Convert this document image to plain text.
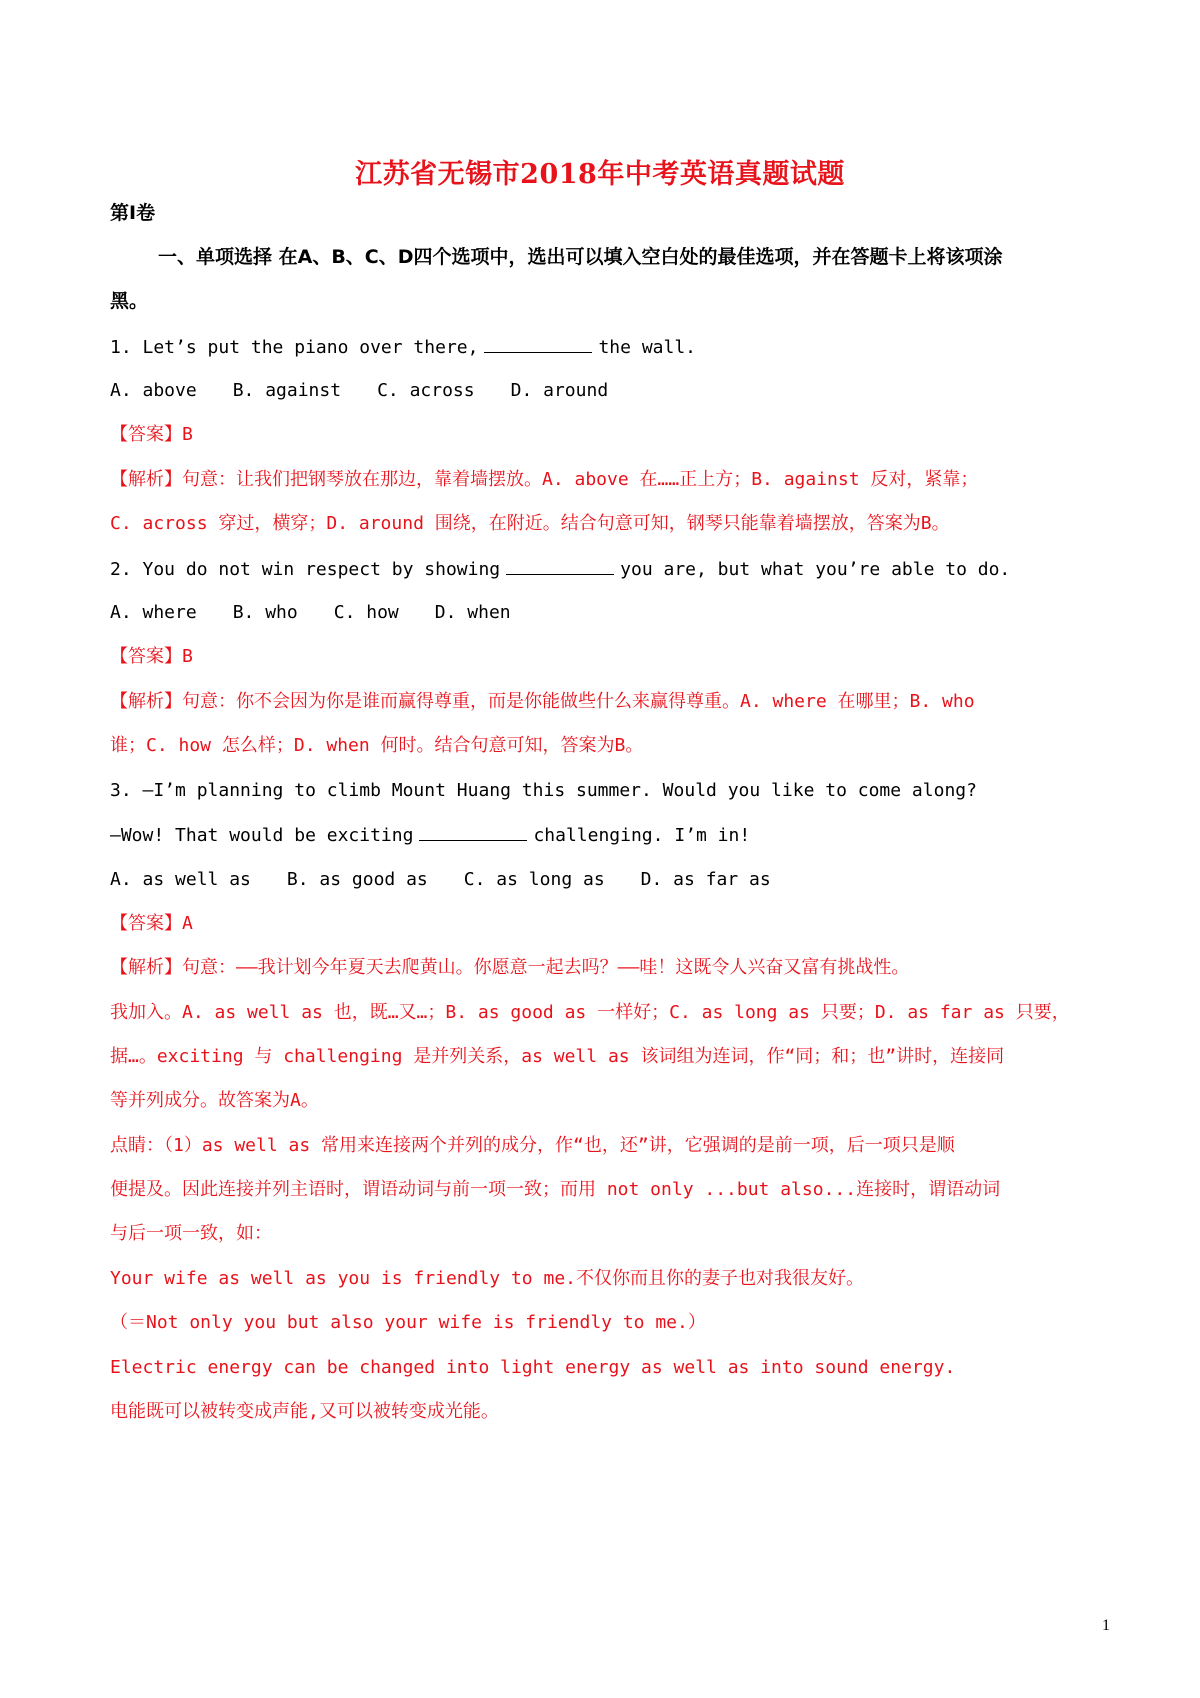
江苏省无锡市2018年中考英语真题试题
第Ⅰ卷
一、单项选择 在A、B、C、D四个选项中，选出可以填入空白处的最佳选项，并在答题卡上将该项涂
黑。
1. Let’s put the piano over there,	the wall.
A. above B. against C. across D. around
【答案】B
【解析】句意：让我们把钢琴放在那边，靠着墙摆放。A. above 在……正上方；B. against 反对，紧靠；
C. across 穿过，横穿；D. around 围绕，在附近。结合句意可知，钢琴只能靠着墙摆放，答案为B。
2. You do not win respect by showing	you are, but what you’re able to do.
A. where B. who C. how D. when
【答案】B
【解析】句意：你不会因为你是谁而赢得尊重，而是你能做些什么来赢得尊重。A. where 在哪里；B. who
谁；C. how 怎么样；D. when 何时。结合句意可知，答案为B。
3. —I’m planning to climb Mount Huang this summer. Would you like to come along?
—Wow! That would be exciting	challenging. I’m in!
A. as well as B. as good as C. as long as D. as far as
【答案】A
【解析】句意：——我计划今年夏天去爬黄山。你愿意一起去吗？——哇！这既令人兴奋又富有挑战性。
我加入。A. as well as 也，既…又…；B. as good as 一样好；C. as long as 只要；D. as far as 只要，
据…。exciting 与 challenging 是并列关系，as well as 该词组为连词，作“同；和；也”讲时，连接同
等并列成分。故答案为A。
点睛：（1）as well as 常用来连接两个并列的成分，作“也，还”讲，它强调的是前一项，后一项只是顺
便提及。因此连接并列主语时，谓语动词与前一项一致；而用 not only ...but also...连接时，谓语动词
与后一项一致，如：
Your wife as well as you is friendly to me.不仅你而且你的妻子也对我很友好。
（＝Not only you but also your wife is friendly to me.）
Electric energy can be changed into light energy as well as into sound energy.
电能既可以被转变成声能,又可以被转变成光能。
1
